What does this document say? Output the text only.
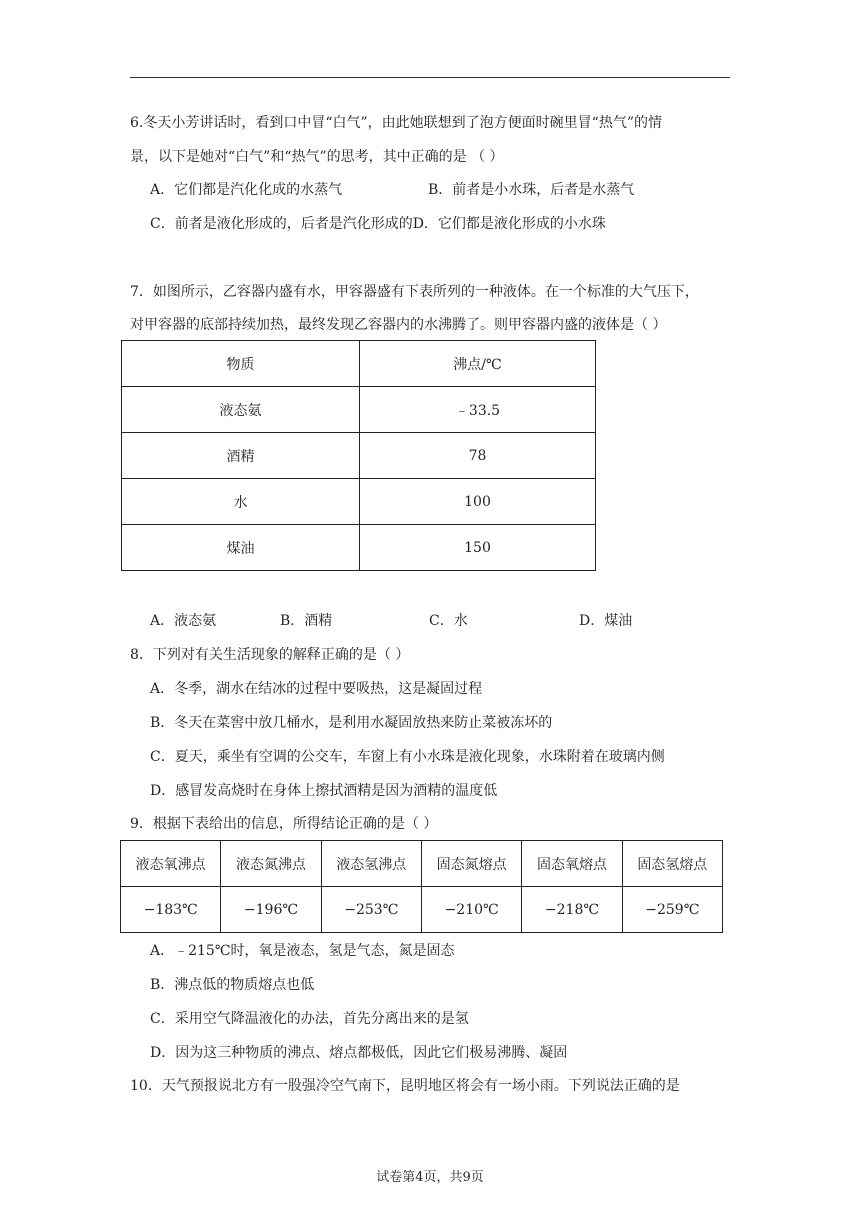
6.冬天小芳讲话时，看到口中冒“白气”，由此她联想到了泡方便面时碗里冒“热气”的情
景，以下是她对“白气”和“热气”的思考，其中正确的是 （ ）
A．它们都是汽化化成的水蒸气	B．前者是小水珠，后者是水蒸气
C．前者是液化形成的，后者是汽化形成的D．它们都是液化形成的小水珠
7．如图所示，乙容器内盛有水，甲容器盛有下表所列的一种液体。在一个标准的大气压下，
对甲容器的底部持续加热，最终发现乙容器内的水沸腾了。则甲容器内盛的液体是（ ）
物质	沸点/℃
液态氨	﹣33.5
酒精	78
水	100
煤油	150
A．液态氨	B．酒精	C．水	D．煤油
8．下列对有关生活现象的解释正确的是（ ）
A．冬季，湖水在结冰的过程中要吸热，这是凝固过程
B．冬天在菜窖中放几桶水，是利用水凝固放热来防止菜被冻坏的
C．夏天，乘坐有空调的公交车，车窗上有小水珠是液化现象，水珠附着在玻璃内侧
D．感冒发高烧时在身体上擦拭酒精是因为酒精的温度低
9．根据下表给出的信息，所得结论正确的是（ ）
液态氧沸点	液态氮沸点	液态氢沸点	固态氮熔点	固态氧熔点	固态氢熔点
−183℃	−196℃	−253℃	−210℃	−218℃	−259℃
A．﹣215℃时，氧是液态，氢是气态，氮是固态
B．沸点低的物质熔点也低
C．采用空气降温液化的办法，首先分离出来的是氢
D．因为这三种物质的沸点、熔点都极低，因此它们极易沸腾、凝固
10．天气预报说北方有一股强冷空气南下，昆明地区将会有一场小雨。下列说法正确的是
试卷第4页，共9页
